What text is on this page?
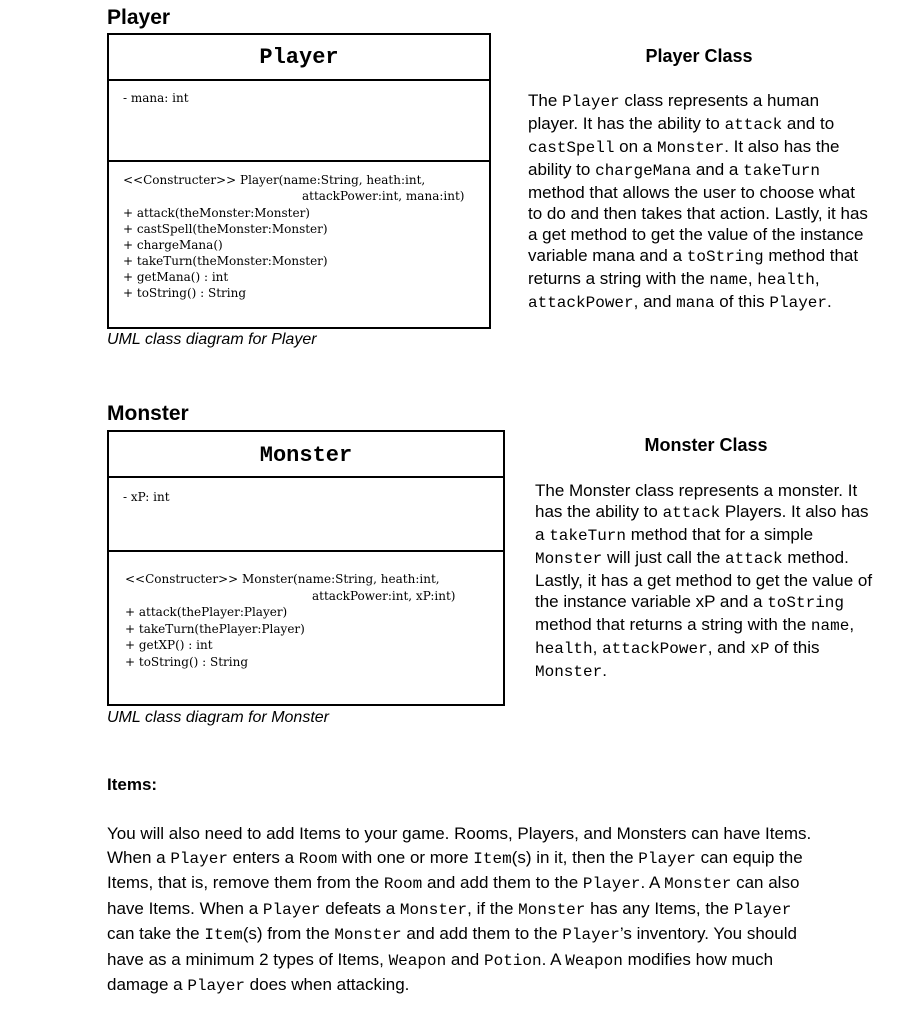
Player
Player
- mana: int
<<Constructer>> Player(name:String, heath:int,
attackPower:int, mana:int)
+ attack(theMonster:Monster)
+ castSpell(theMonster:Monster)
+ chargeMana()
+ takeTurn(theMonster:Monster)
+ getMana() : int
+ toString() : String
UML class diagram for Player
Player Class
The Player class represents a human player. It has the ability to attack and to castSpell on a Monster. It also has the ability to chargeMana and a takeTurn method that allows the user to choose what to do and then takes that action. Lastly, it has a get method to get the value of the instance variable mana and a toString method that returns a string with the name, health, attackPower, and mana of this Player.
Monster
Monster
- xP: int
<<Constructer>> Monster(name:String, heath:int,
attackPower:int, xP:int)
+ attack(thePlayer:Player)
+ takeTurn(thePlayer:Player)
+ getXP() : int
+ toString() : String
UML class diagram for Monster
Monster Class
The Monster class represents a monster. It has the ability to attack Players. It also has a takeTurn method that for a simple Monster will just call the attack method. Lastly, it has a get method to get the value of the instance variable xP and a toString method that returns a string with the name, health, attackPower, and xP of this Monster.
Items:
You will also need to add Items to your game. Rooms, Players, and Monsters can have Items. When a Player enters a Room with one or more Item(s) in it, then the Player can equip the Items, that is, remove them from the Room and add them to the Player. A Monster can also have Items. When a Player defeats a Monster, if the Monster has any Items, the Player can take the Item(s) from the Monster and add them to the Player’s inventory. You should have as a minimum 2 types of Items, Weapon and Potion. A Weapon modifies how much damage a Player does when attacking.
